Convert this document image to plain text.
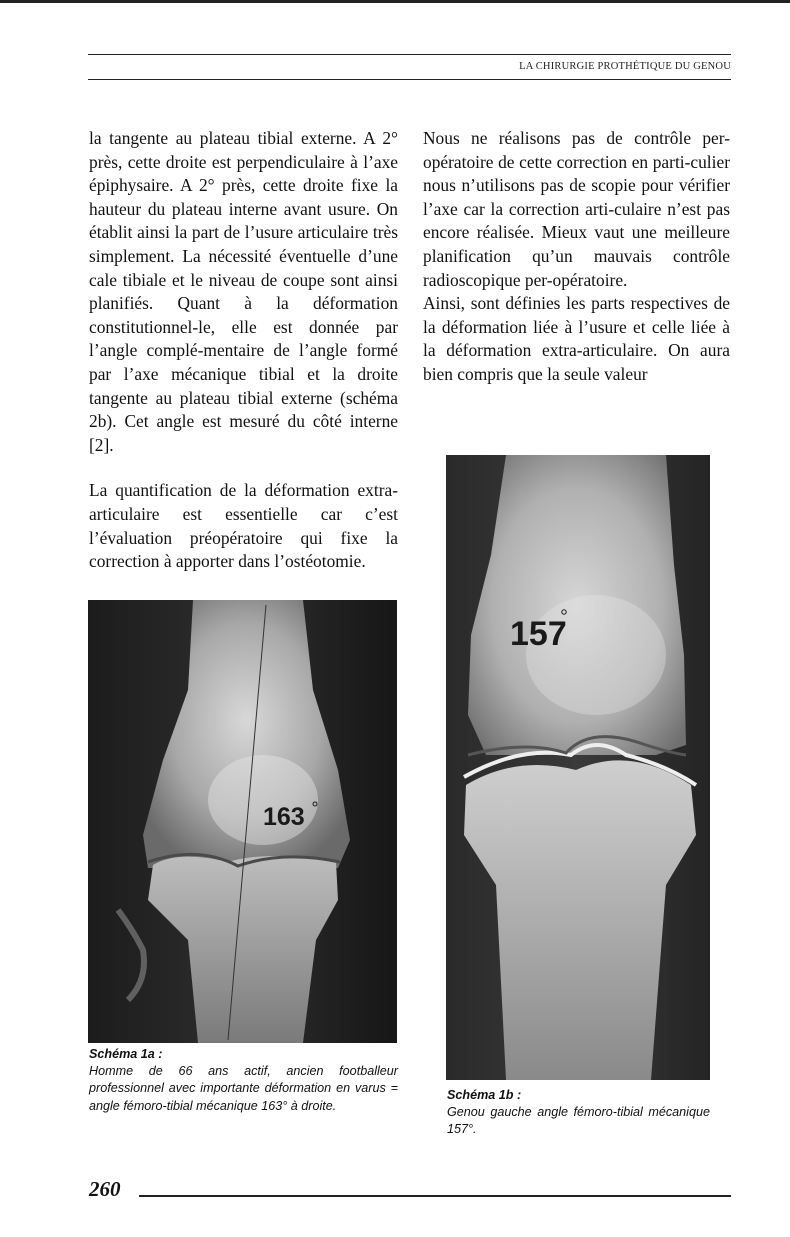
LA CHIRURGIE PROTHÉTIQUE DU GENOU

la tangente au plateau tibial externe. A 2° près, cette droite est perpendiculaire à l’axe épiphysaire. A 2° près, cette droite fixe la hauteur du plateau interne avant usure. On établit ainsi la part de l’usure articulaire très simplement. La nécessité éventuelle d’une cale tibiale et le niveau de coupe sont ainsi planifiés. Quant à la déformation constitutionnel-le, elle est donnée par l’angle complé-mentaire de l’angle formé par l’axe mécanique tibial et la droite tangente au plateau tibial externe (schéma 2b). Cet angle est mesuré du côté interne [2].

La quantification de la déformation extra-articulaire est essentielle car c’est l’évaluation préopératoire qui fixe la correction à apporter dans l’ostéotomie.

Nous ne réalisons pas de contrôle per-opératoire de cette correction en parti-culier nous n’utilisons pas de scopie pour vérifier l’axe car la correction arti-culaire n’est pas encore réalisée. Mieux vaut une meilleure planification qu’un mauvais contrôle radioscopique per-opératoire.

Ainsi, sont définies les parts respectives de la déformation liée à l’usure et celle liée à la déformation extra-articulaire. On aura bien compris que la seule valeur

163
Schéma 1a :
Homme de 66 ans actif, ancien footballeur professionnel avec importante déformation en varus = angle fémoro-tibial mécanique 163° à droite.
157
Schéma 1b :
Genou gauche angle fémoro-tibial mécanique 157°.
260
